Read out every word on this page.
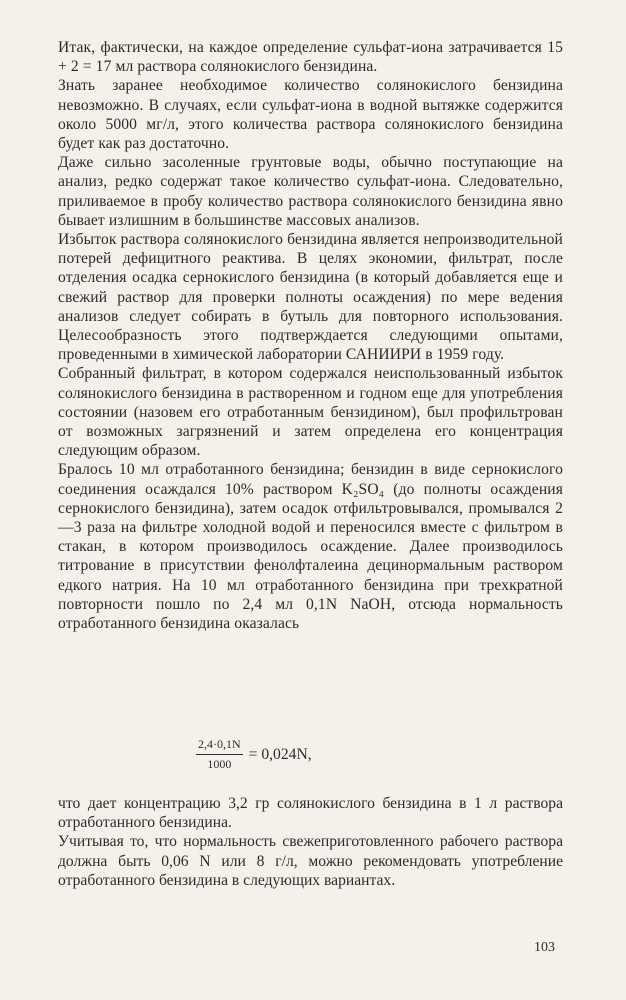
Итак, фактически, на каждое определение сульфат-иона затрачивается 15 + 2 = 17 мл раствора солянокислого бензидина.

Знать заранее необходимое количество солянокислого бензидина невозможно. В случаях, если сульфат-иона в водной вытяжке содержится около 5000 мг/л, этого количества раствора солянокислого бензидина будет как раз достаточно.

Даже сильно засоленные грунтовые воды, обычно поступающие на анализ, редко содержат такое количество сульфат-иона. Следовательно, приливаемое в пробу количество раствора солянокислого бензидина явно бывает излишним в большинстве массовых анализов.

Избыток раствора солянокислого бензидина является непроизводительной потерей дефицитного реактива. В целях экономии, фильтрат, после отделения осадка сернокислого бензидина (в который добавляется еще и свежий раствор для проверки полноты осаждения) по мере ведения анализов следует собирать в бутыль для повторного использования. Целесообразность этого подтверждается следующими опытами, проведенными в химической лаборатории САНИИРИ в 1959 году.

Собранный фильтрат, в котором содержался неиспользованный избыток солянокислого бензидина в растворенном и годном еще для употребления состоянии (назовем его отработанным бензидином), был профильтрован от возможных загрязнений и затем определена его концентрация следующим образом.

Бралось 10 мл отработанного бензидина; бензидин в виде сернокислого соединения осаждался 10% раствором K₂SO₄ (до полноты осаждения сернокислого бензидина), затем осадок отфильтровывался, промывался 2—3 раза на фильтре холодной водой и переносился вместе с фильтром в стакан, в котором производилось осаждение. Далее производилось титрование в присутствии фенолфталеина децинормальным раствором едкого натрия. На 10 мл отработанного бензидина при трехкратной повторности пошло по 2,4 мл 0,1N NaOH, отсюда нормальность отработанного бензидина оказалась

$\frac{2,4\cdot 0,1N}{1000} = 0,024N$,

что дает концентрацию 3,2 гр солянокислого бензидина в 1 л раствора отработанного бензидина.

Учитывая то, что нормальность свежеприготовленного рабочего раствора должна быть 0,06 N или 8 г/л, можно рекомендовать употребление отработанного бензидина в следующих вариантах.

103
